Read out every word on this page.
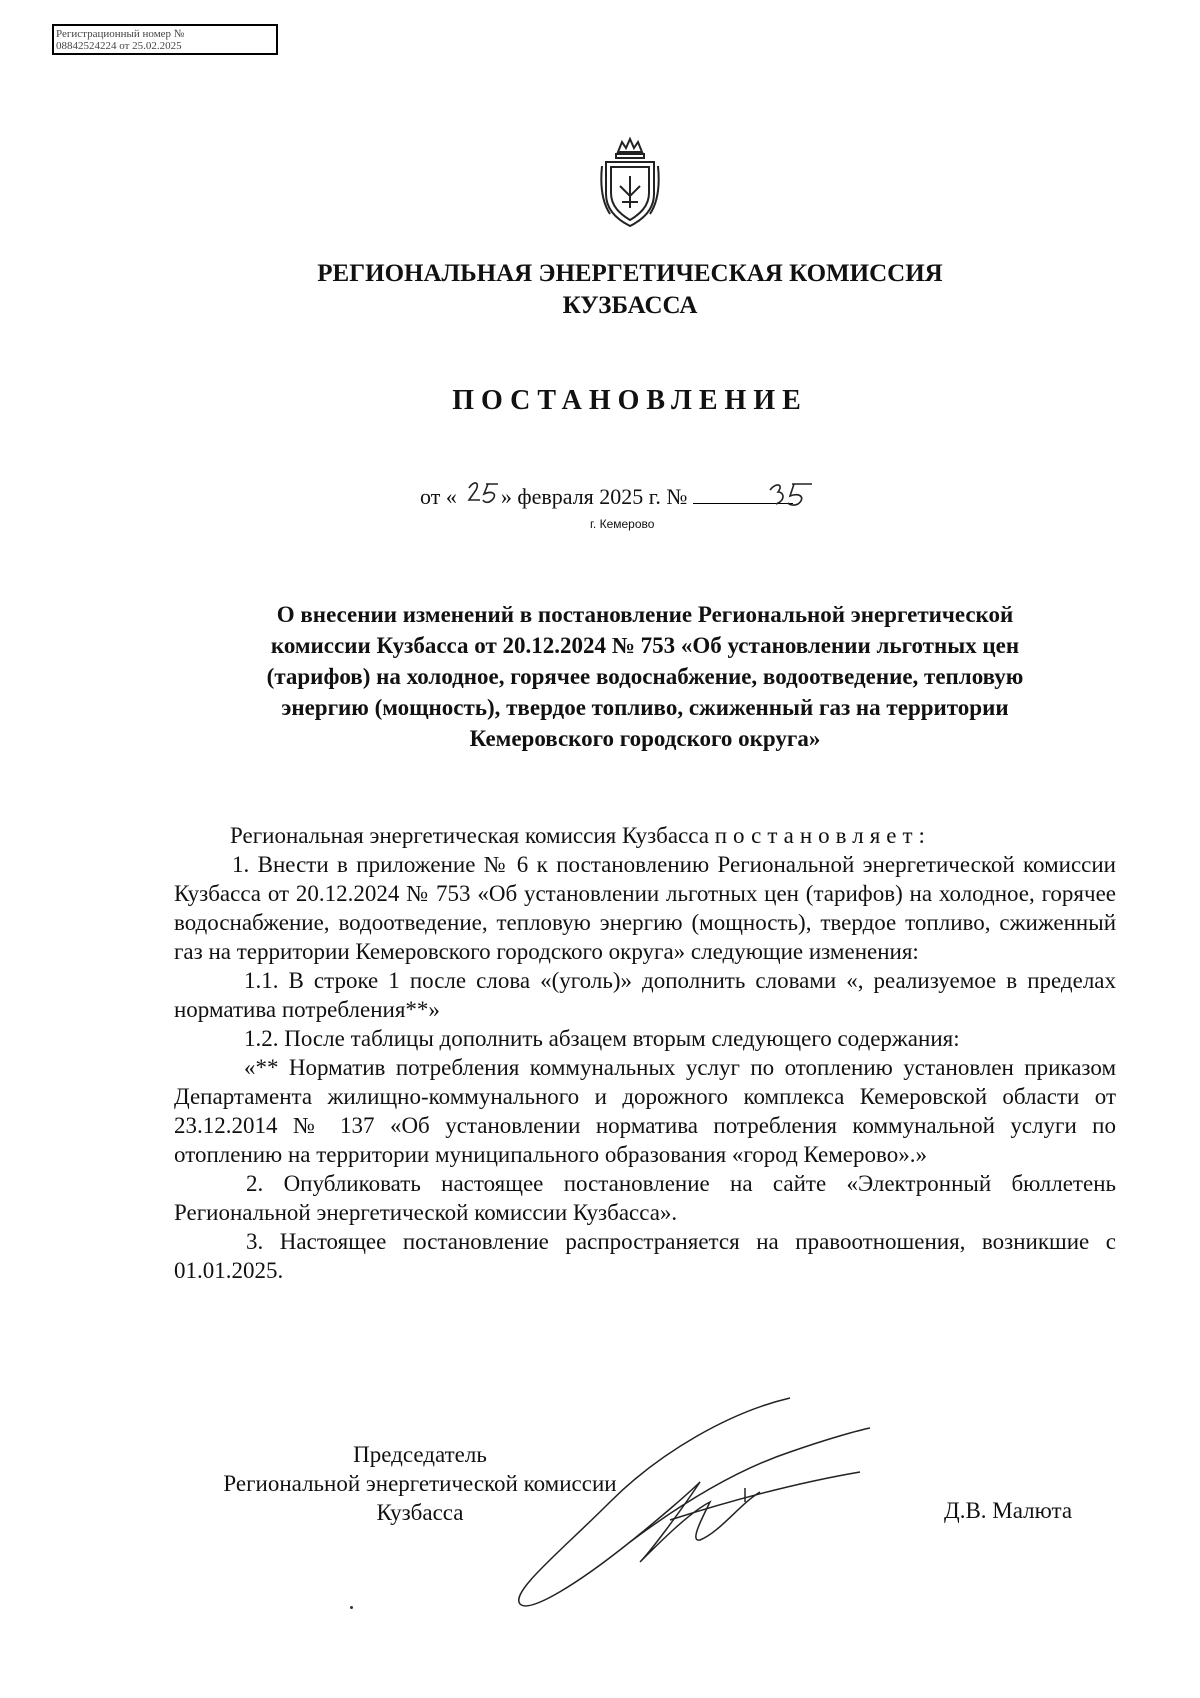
Регистрационный номер №
08842524224 от 25.02.2025
РЕГИОНАЛЬНАЯ ЭНЕРГЕТИЧЕСКАЯ КОМИССИЯ
КУЗБАССА
ПОСТАНОВЛЕНИЕ
от « » февраля 2025 г. №
г. Кемерово
О внесении изменений в постановление Региональной энергетической
комиссии Кузбасса от 20.12.2024 № 753 «Об установлении льготных цен
(тарифов) на холодное, горячее водоснабжение, водоотведение, тепловую
энергию (мощность), твердое топливо, сжиженный газ на территории
Кемеровского городского округа»

Региональная энергетическая комиссия Кузбасса постановляет:

1. Внести в приложение № 6 к постановлению Региональной энергетической комиссии Кузбасса от 20.12.2024 № 753 «Об установлении льготных цен (тарифов) на холодное, горячее водоснабжение, водоотведение, тепловую энергию (мощность), твердое топливо, сжиженный газ на территории Кемеровского городского округа» следующие изменения:

1.1. В строке 1 после слова «(уголь)» дополнить словами «, реализуемое в пределах норматива потребления**»

1.2. После таблицы дополнить абзацем вторым следующего содержания:

«** Норматив потребления коммунальных услуг по отоплению установлен приказом Департамента жилищно-коммунального и дорожного комплекса Кемеровской области от 23.12.2014 № 137 «Об установлении норматива потребления коммунальной услуги по отоплению на территории муниципального образования «город Кемерово».»

2. Опубликовать настоящее постановление на сайте «Электронный бюллетень Региональной энергетической комиссии Кузбасса».

3. Настоящее постановление распространяется на правоотношения, возникшие с 01.01.2025.

Председатель
Региональной энергетической комиссии
Кузбасса	Д.В. Малюта
